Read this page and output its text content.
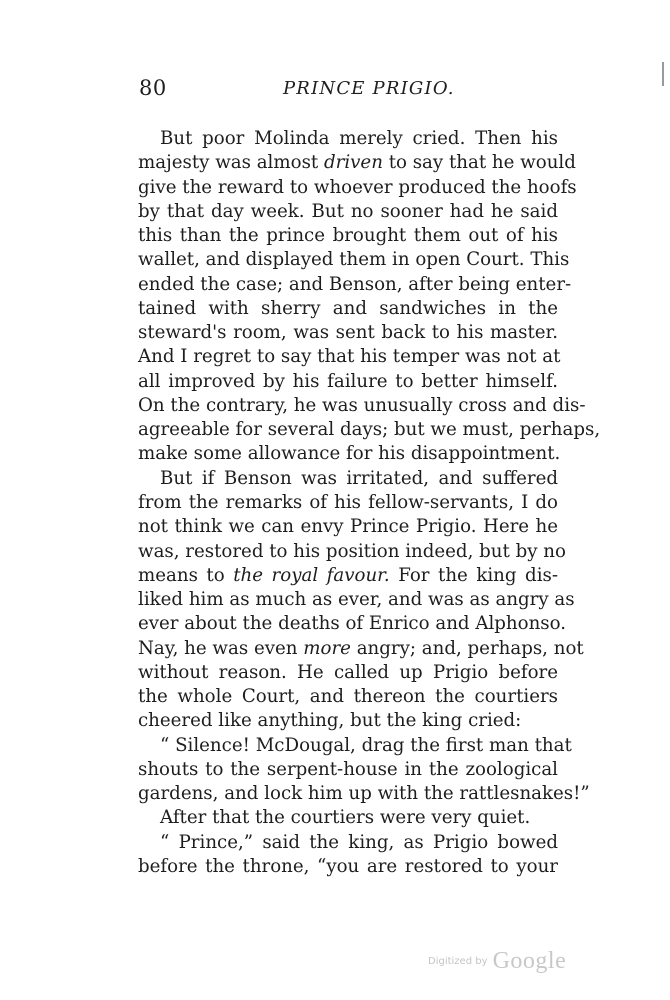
80	PRINCE PRIGIO.
But poor Molinda merely cried. Then his
majesty was almost driven to say that he would
give the reward to whoever produced the hoofs
by that day week. But no sooner had he said
this than the prince brought them out of his
wallet, and displayed them in open Court. This
ended the case; and Benson, after being enter-
tained with sherry and sandwiches in the
steward's room, was sent back to his master.
And I regret to say that his temper was not at
all improved by his failure to better himself.
On the contrary, he was unusually cross and dis-
agreeable for several days; but we must, perhaps,
make some allowance for his disappointment.
But if Benson was irritated, and suffered
from the remarks of his fellow-servants, I do
not think we can envy Prince Prigio. Here he
was, restored to his position indeed, but by no
means to the royal favour. For the king dis-
liked him as much as ever, and was as angry as
ever about the deaths of Enrico and Alphonso.
Nay, he was even more angry; and, perhaps, not
without reason. He called up Prigio before
the whole Court, and thereon the courtiers
cheered like anything, but the king cried:
“ Silence! McDougal, drag the first man that
shouts to the serpent-house in the zoological
gardens, and lock him up with the rattlesnakes!”
After that the courtiers were very quiet.
“ Prince,” said the king, as Prigio bowed
before the throne, “you are restored to your
Digitized by Google
